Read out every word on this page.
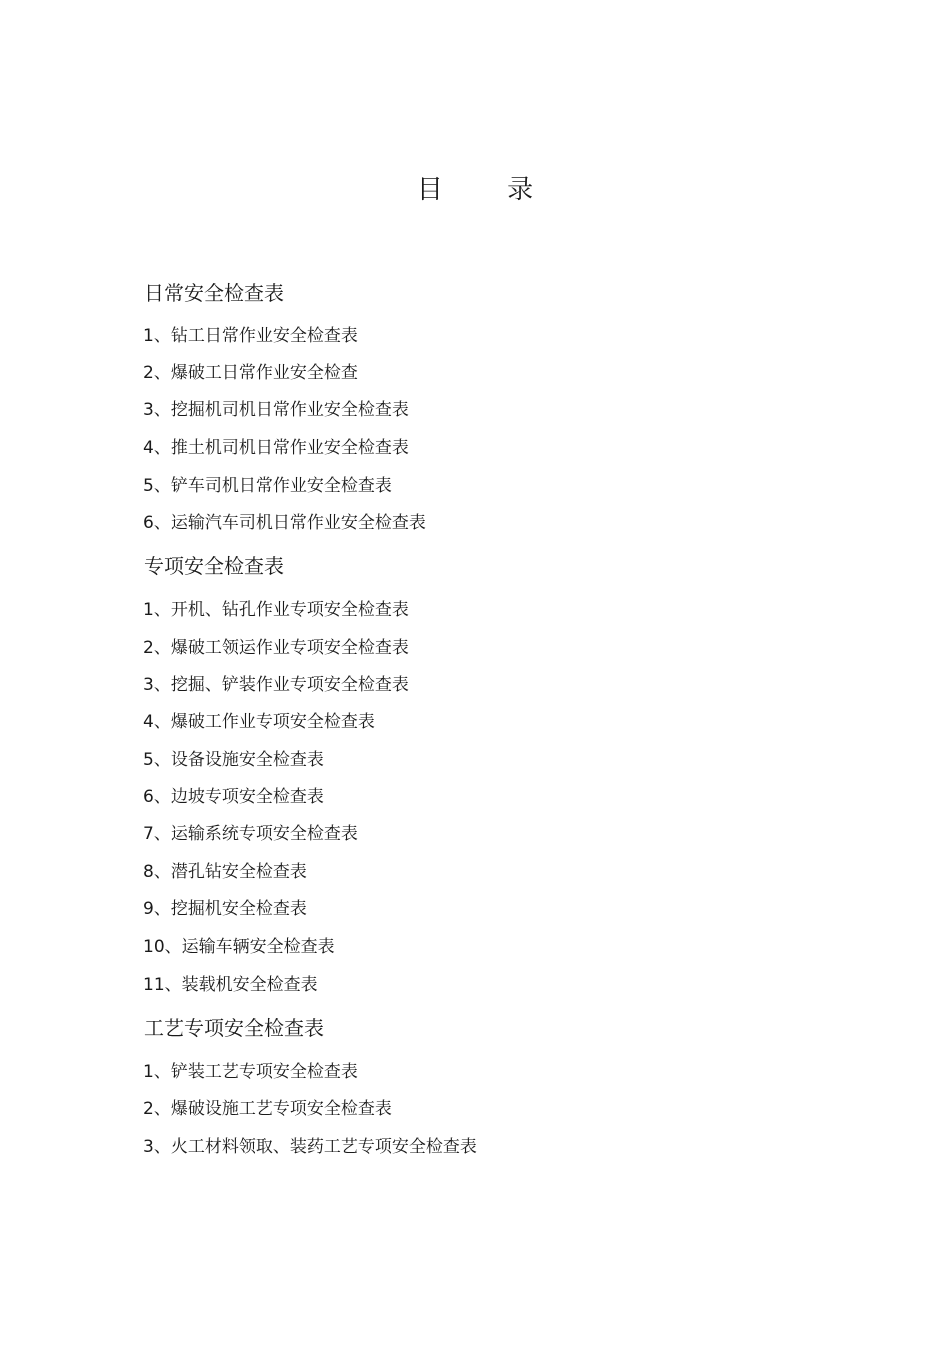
目 录
日常安全检查表

1、钻工日常作业安全检查表

2、爆破工日常作业安全检查

3、挖掘机司机日常作业安全检查表

4、推土机司机日常作业安全检查表

5、铲车司机日常作业安全检查表

6、运输汽车司机日常作业安全检查表

专项安全检查表

1、开机、钻孔作业专项安全检查表

2、爆破工领运作业专项安全检查表

3、挖掘、铲装作业专项安全检查表

4、爆破工作业专项安全检查表

5、设备设施安全检查表

6、边坡专项安全检查表

7、运输系统专项安全检查表

8、潜孔钻安全检查表

9、挖掘机安全检查表

10、运输车辆安全检查表

11、装载机安全检查表

工艺专项安全检查表

1、铲装工艺专项安全检查表

2、爆破设施工艺专项安全检查表

3、火工材料领取、装药工艺专项安全检查表
